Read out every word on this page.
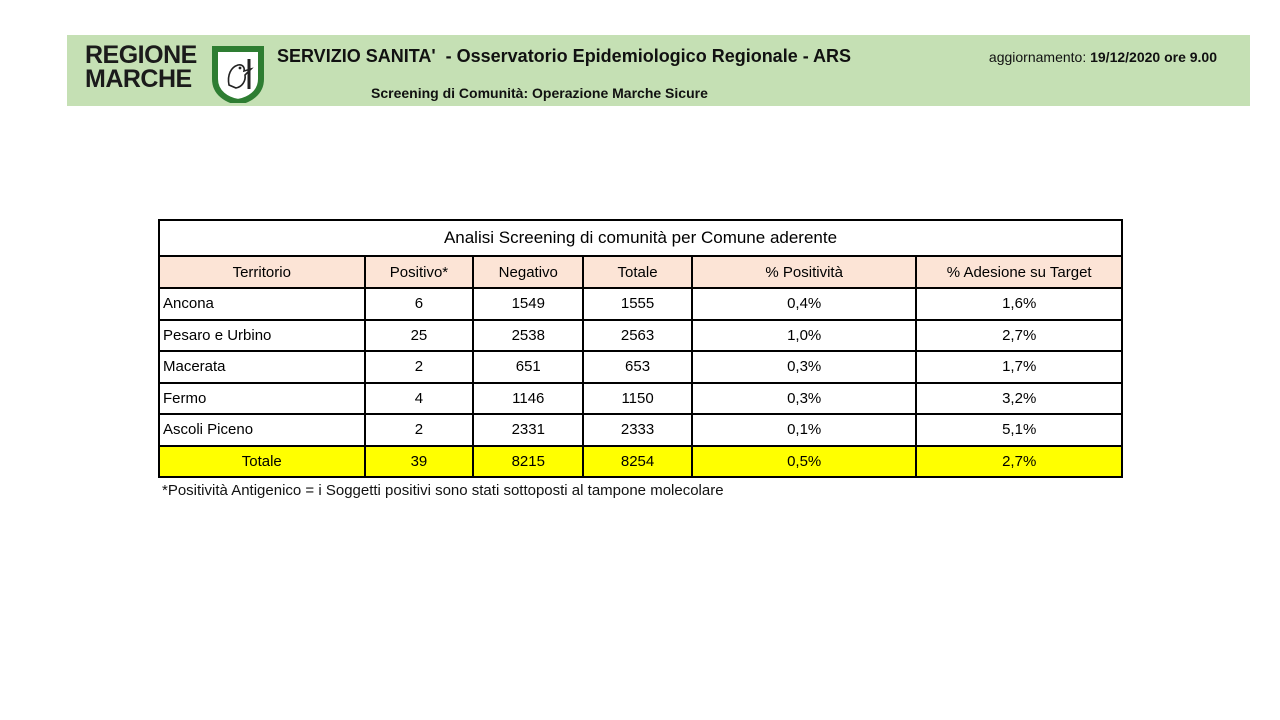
REGIONE
MARCHE
SERVIZIO SANITA'  - Osservatorio Epidemiologico Regionale - ARS
Screening di Comunità: Operazione Marche Sicure
aggiornamento: 19/12/2020 ore 9.00
Analisi Screening di comunità per Comune aderente					
Territorio	Positivo*	Negativo	Totale	% Positività	% Adesione su Target
Ancona	6	1549	1555	0,4%	1,6%
Pesaro e Urbino	25	2538	2563	1,0%	2,7%
Macerata	2	651	653	0,3%	1,7%
Fermo	4	1146	1150	0,3%	3,2%
Ascoli Piceno	2	2331	2333	0,1%	5,1%
Totale	39	8215	8254	0,5%	2,7%
*Positività Antigenico = i Soggetti positivi sono stati sottoposti al tampone molecolare
